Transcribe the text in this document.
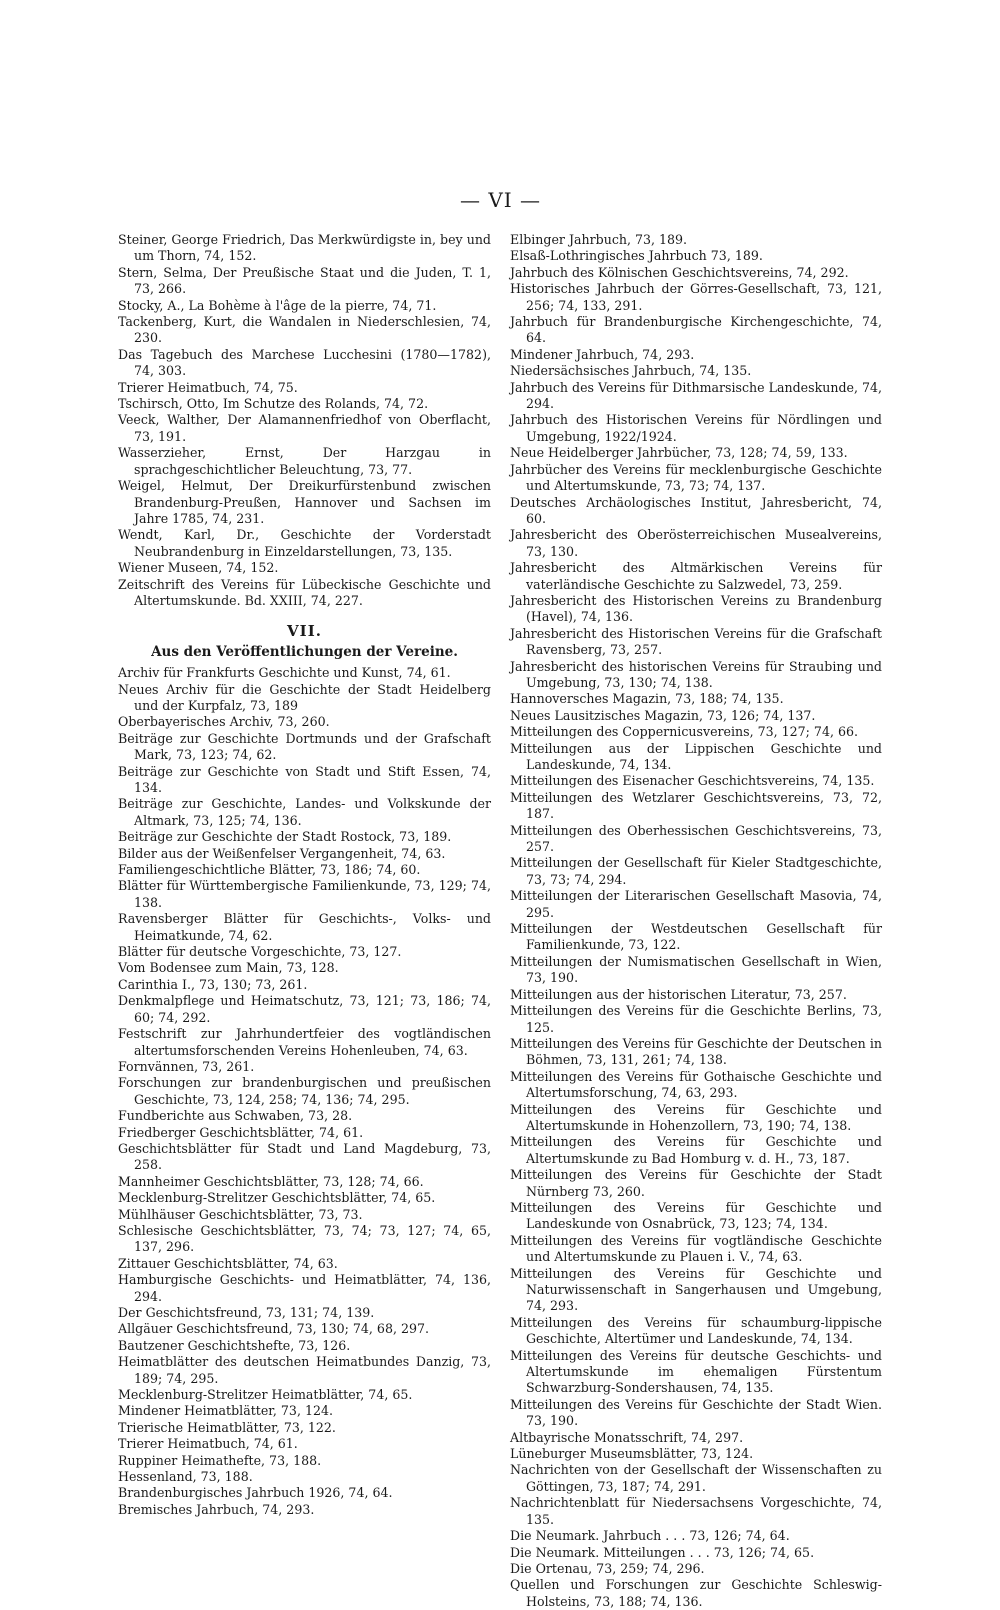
— VI —

Steiner, George Friedrich, Das Merkwürdigste in, bey und um Thorn, 74, 152.

Stern, Selma, Der Preußische Staat und die Juden, T. 1, 73, 266.

Stocky, A., La Bohème à l'âge de la pierre, 74, 71.

Tackenberg, Kurt, die Wandalen in Niederschlesien, 74, 230.

Das Tagebuch des Marchese Lucchesini (1780—1782), 74, 303.

Trierer Heimatbuch, 74, 75.

Tschirsch, Otto, Im Schutze des Rolands, 74, 72.

Veeck, Walther, Der Alamannenfriedhof von Oberflacht, 73, 191.

Wasserzieher, Ernst, Der Harzgau in sprachgeschichtlicher Beleuchtung, 73, 77.

Weigel, Helmut, Der Dreikurfürstenbund zwischen Brandenburg-Preußen, Hannover und Sachsen im Jahre 1785, 74, 231.

Wendt, Karl, Dr., Geschichte der Vorderstadt Neubrandenburg in Einzeldarstellungen, 73, 135.

Wiener Museen, 74, 152.

Zeitschrift des Vereins für Lübeckische Geschichte und Altertumskunde. Bd. XXIII, 74, 227.

VII.
Aus den Veröffentlichungen der Vereine.

Archiv für Frankfurts Geschichte und Kunst, 74, 61.

Neues Archiv für die Geschichte der Stadt Heidelberg und der Kurpfalz, 73, 189

Oberbayerisches Archiv, 73, 260.

Beiträge zur Geschichte Dortmunds und der Grafschaft Mark, 73, 123; 74, 62.

Beiträge zur Geschichte von Stadt und Stift Essen, 74, 134.

Beiträge zur Geschichte, Landes- und Volkskunde der Altmark, 73, 125; 74, 136.

Beiträge zur Geschichte der Stadt Rostock, 73, 189.

Bilder aus der Weißenfelser Vergangenheit, 74, 63.

Familiengeschichtliche Blätter, 73, 186; 74, 60.

Blätter für Württembergische Familienkunde, 73, 129; 74, 138.

Ravensberger Blätter für Geschichts-, Volks- und Heimatkunde, 74, 62.

Blätter für deutsche Vorgeschichte, 73, 127.

Vom Bodensee zum Main, 73, 128.

Carinthia I., 73, 130; 73, 261.

Denkmalpflege und Heimatschutz, 73, 121; 73, 186; 74, 60; 74, 292.

Festschrift zur Jahrhundertfeier des vogtländischen altertumsforschenden Vereins Hohenleuben, 74, 63.

Fornvännen, 73, 261.

Forschungen zur brandenburgischen und preußischen Geschichte, 73, 124, 258; 74, 136; 74, 295.

Fundberichte aus Schwaben, 73, 28.

Friedberger Geschichtsblätter, 74, 61.

Geschichtsblätter für Stadt und Land Magdeburg, 73, 258.

Mannheimer Geschichtsblätter, 73, 128; 74, 66.

Mecklenburg-Strelitzer Geschichtsblätter, 74, 65.

Mühlhäuser Geschichtsblätter, 73, 73.

Schlesische Geschichtsblätter, 73, 74; 73, 127; 74, 65, 137, 296.

Zittauer Geschichtsblätter, 74, 63.

Hamburgische Geschichts- und Heimatblätter, 74, 136, 294.

Der Geschichtsfreund, 73, 131; 74, 139.

Allgäuer Geschichtsfreund, 73, 130; 74, 68, 297.

Bautzener Geschichtshefte, 73, 126.

Heimatblätter des deutschen Heimatbundes Danzig, 73, 189; 74, 295.

Mecklenburg-Strelitzer Heimatblätter, 74, 65.

Mindener Heimatblätter, 73, 124.

Trierische Heimatblätter, 73, 122.

Trierer Heimatbuch, 74, 61.

Ruppiner Heimathefte, 73, 188.

Hessenland, 73, 188.

Brandenburgisches Jahrbuch 1926, 74, 64.

Bremisches Jahrbuch, 74, 293.

Elbinger Jahrbuch, 73, 189.

Elsaß-Lothringisches Jahrbuch 73, 189.

Jahrbuch des Kölnischen Geschichtsvereins, 74, 292.

Historisches Jahrbuch der Görres-Gesellschaft, 73, 121, 256; 74, 133, 291.

Jahrbuch für Brandenburgische Kirchengeschichte, 74, 64.

Mindener Jahrbuch, 74, 293.

Niedersächsisches Jahrbuch, 74, 135.

Jahrbuch des Vereins für Dithmarsische Landeskunde, 74, 294.

Jahrbuch des Historischen Vereins für Nördlingen und Umgebung, 1922/1924.

Neue Heidelberger Jahrbücher, 73, 128; 74, 59, 133.

Jahrbücher des Vereins für mecklenburgische Geschichte und Altertumskunde, 73, 73; 74, 137.

Deutsches Archäologisches Institut, Jahresbericht, 74, 60.

Jahresbericht des Oberösterreichischen Musealvereins, 73, 130.

Jahresbericht des Altmärkischen Vereins für vaterländische Geschichte zu Salzwedel, 73, 259.

Jahresbericht des Historischen Vereins zu Brandenburg (Havel), 74, 136.

Jahresbericht des Historischen Vereins für die Grafschaft Ravensberg, 73, 257.

Jahresbericht des historischen Vereins für Straubing und Umgebung, 73, 130; 74, 138.

Hannoversches Magazin, 73, 188; 74, 135.

Neues Lausitzisches Magazin, 73, 126; 74, 137.

Mitteilungen des Coppernicusvereins, 73, 127; 74, 66.

Mitteilungen aus der Lippischen Geschichte und Landeskunde, 74, 134.

Mitteilungen des Eisenacher Geschichtsvereins, 74, 135.

Mitteilungen des Wetzlarer Geschichtsvereins, 73, 72, 187.

Mitteilungen des Oberhessischen Geschichtsvereins, 73, 257.

Mitteilungen der Gesellschaft für Kieler Stadtgeschichte, 73, 73; 74, 294.

Mitteilungen der Literarischen Gesellschaft Masovia, 74, 295.

Mitteilungen der Westdeutschen Gesellschaft für Familienkunde, 73, 122.

Mitteilungen der Numismatischen Gesellschaft in Wien, 73, 190.

Mitteilungen aus der historischen Literatur, 73, 257.

Mitteilungen des Vereins für die Geschichte Berlins, 73, 125.

Mitteilungen des Vereins für Geschichte der Deutschen in Böhmen, 73, 131, 261; 74, 138.

Mitteilungen des Vereins für Gothaische Geschichte und Altertumsforschung, 74, 63, 293.

Mitteilungen des Vereins für Geschichte und Altertumskunde in Hohenzollern, 73, 190; 74, 138.

Mitteilungen des Vereins für Geschichte und Altertumskunde zu Bad Homburg v. d. H., 73, 187.

Mitteilungen des Vereins für Geschichte der Stadt Nürnberg 73, 260.

Mitteilungen des Vereins für Geschichte und Landeskunde von Osnabrück, 73, 123; 74, 134.

Mitteilungen des Vereins für vogtländische Geschichte und Altertumskunde zu Plauen i. V., 74, 63.

Mitteilungen des Vereins für Geschichte und Naturwissenschaft in Sangerhausen und Umgebung, 74, 293.

Mitteilungen des Vereins für schaumburg-lippische Geschichte, Altertümer und Landeskunde, 74, 134.

Mitteilungen des Vereins für deutsche Geschichts- und Altertumskunde im ehemaligen Fürstentum Schwarzburg-Sondershausen, 74, 135.

Mitteilungen des Vereins für Geschichte der Stadt Wien. 73, 190.

Altbayrische Monatsschrift, 74, 297.

Lüneburger Museumsblätter, 73, 124.

Nachrichten von der Gesellschaft der Wissenschaften zu Göttingen, 73, 187; 74, 291.

Nachrichtenblatt für Niedersachsens Vorgeschichte, 74, 135.

Die Neumark. Jahrbuch . . . 73, 126; 74, 64.

Die Neumark. Mitteilungen . . . 73, 126; 74, 65.

Die Ortenau, 73, 259; 74, 296.

Quellen und Forschungen zur Geschichte Schleswig-Holsteins, 73, 188; 74, 136.
